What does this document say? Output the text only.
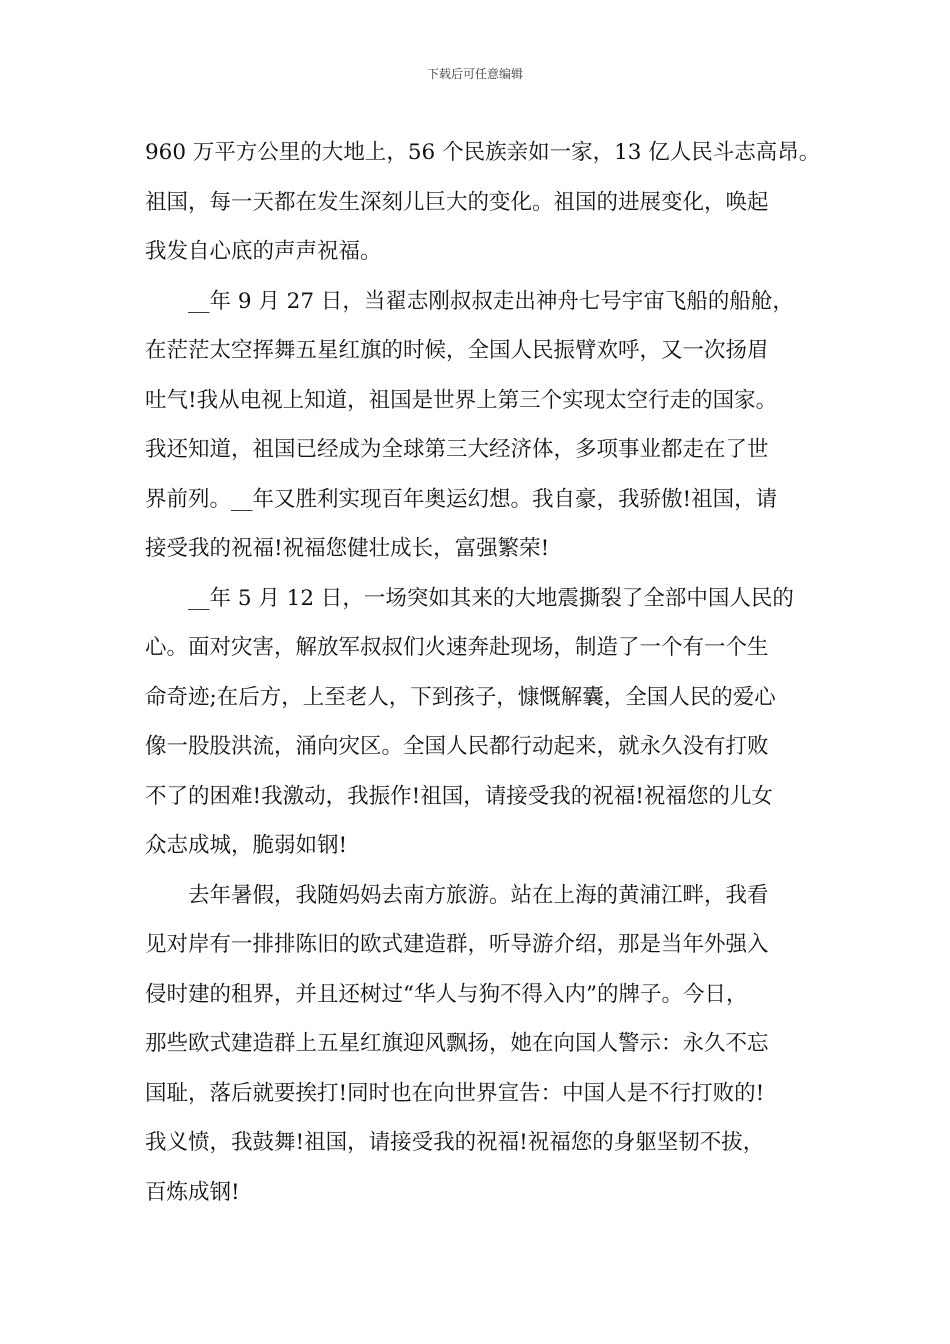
下载后可任意编辑
960 万平方公里的大地上，56 个民族亲如一家，13 亿人民斗志高昂。
祖国，每一天都在发生深刻儿巨大的变化。祖国的进展变化，唤起
我发自心底的声声祝福。
__年 9 月 27 日，当翟志刚叔叔走出神舟七号宇宙飞船的船舱，
在茫茫太空挥舞五星红旗的时候，全国人民振臂欢呼，又一次扬眉
吐气!我从电视上知道，祖国是世界上第三个实现太空行走的国家。
我还知道，祖国已经成为全球第三大经济体，多项事业都走在了世
界前列。__年又胜利实现百年奥运幻想。我自豪，我骄傲!祖国，请
接受我的祝福!祝福您健壮成长，富强繁荣!
__年 5 月 12 日，一场突如其来的大地震撕裂了全部中国人民的
心。面对灾害，解放军叔叔们火速奔赴现场，制造了一个有一个生
命奇迹;在后方，上至老人，下到孩子，慷慨解囊，全国人民的爱心
像一股股洪流，涌向灾区。全国人民都行动起来，就永久没有打败
不了的困难!我激动，我振作!祖国，请接受我的祝福!祝福您的儿女
众志成城，脆弱如钢!
去年暑假，我随妈妈去南方旅游。站在上海的黄浦江畔，我看
见对岸有一排排陈旧的欧式建造群，听导游介绍，那是当年外强入
侵时建的租界，并且还树过“华人与狗不得入内”的牌子。今日，
那些欧式建造群上五星红旗迎风飘扬，她在向国人警示：永久不忘
国耻，落后就要挨打!同时也在向世界宣告：中国人是不行打败的!
我义愤，我鼓舞!祖国，请接受我的祝福!祝福您的身躯坚韧不拔，
百炼成钢!
